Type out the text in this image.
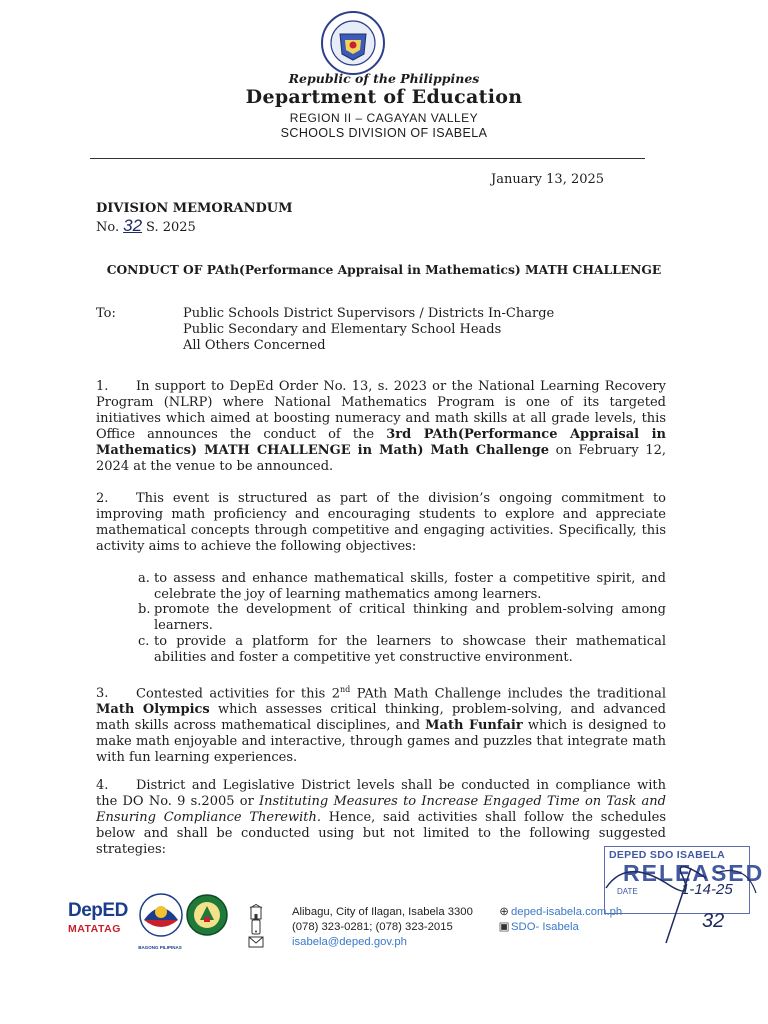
Republic of the Philippines
Department of Education
REGION II – CAGAYAN VALLEY
SCHOOLS DIVISION OF ISABELA
January 13, 2025
DIVISION MEMORANDUM
No. 32 S. 2025
CONDUCT OF PAth(Performance Appraisal in Mathematics) MATH CHALLENGE
To:	Public Schools District Supervisors / Districts In-Charge
Public Secondary and Elementary School Heads
All Others Concerned
1. In support to DepEd Order No. 13, s. 2023 or the National Learning Recovery Program (NLRP) where National Mathematics Program is one of its targeted initiatives which aimed at boosting numeracy and math skills at all grade levels, this Office announces the conduct of the 3rd PAth(Performance Appraisal in Mathematics) MATH CHALLENGE in Math) Math Challenge on February 12, 2024 at the venue to be announced.
2. This event is structured as part of the division’s ongoing commitment to improving math proficiency and encouraging students to explore and appreciate mathematical concepts through competitive and engaging activities. Specifically, this activity aims to achieve the following objectives:
a. to assess and enhance mathematical skills, foster a competitive spirit, and celebrate the joy of learning mathematics among learners.
b. promote the development of critical thinking and problem-solving among learners.
c. to provide a platform for the learners to showcase their mathematical abilities and foster a competitive yet constructive environment.
3. Contested activities for this 2nd PAth Math Challenge includes the traditional Math Olympics which assesses critical thinking, problem-solving, and advanced math skills across mathematical disciplines, and Math Funfair which is designed to make math enjoyable and interactive, through games and puzzles that integrate math with fun learning experiences.
4. District and Legislative District levels shall be conducted in compliance with the DO No. 9 s.2005 or Instituting Measures to Increase Engaged Time on Task and Ensuring Compliance Therewith. Hence, said activities shall follow the schedules below and shall be conducted using but not limited to the following suggested strategies:
DepED
MATATAG
BAGONG PILIPINAS
Alibagu, City of Ilagan, Isabela 3300
(078) 323-0281; (078) 323-2015
isabela@deped.gov.ph
⊕ deped-isabela.com.ph
▣ SDO- Isabela
DEPED SDO ISABELA
RELEASED
DATE	1-14-25
32
